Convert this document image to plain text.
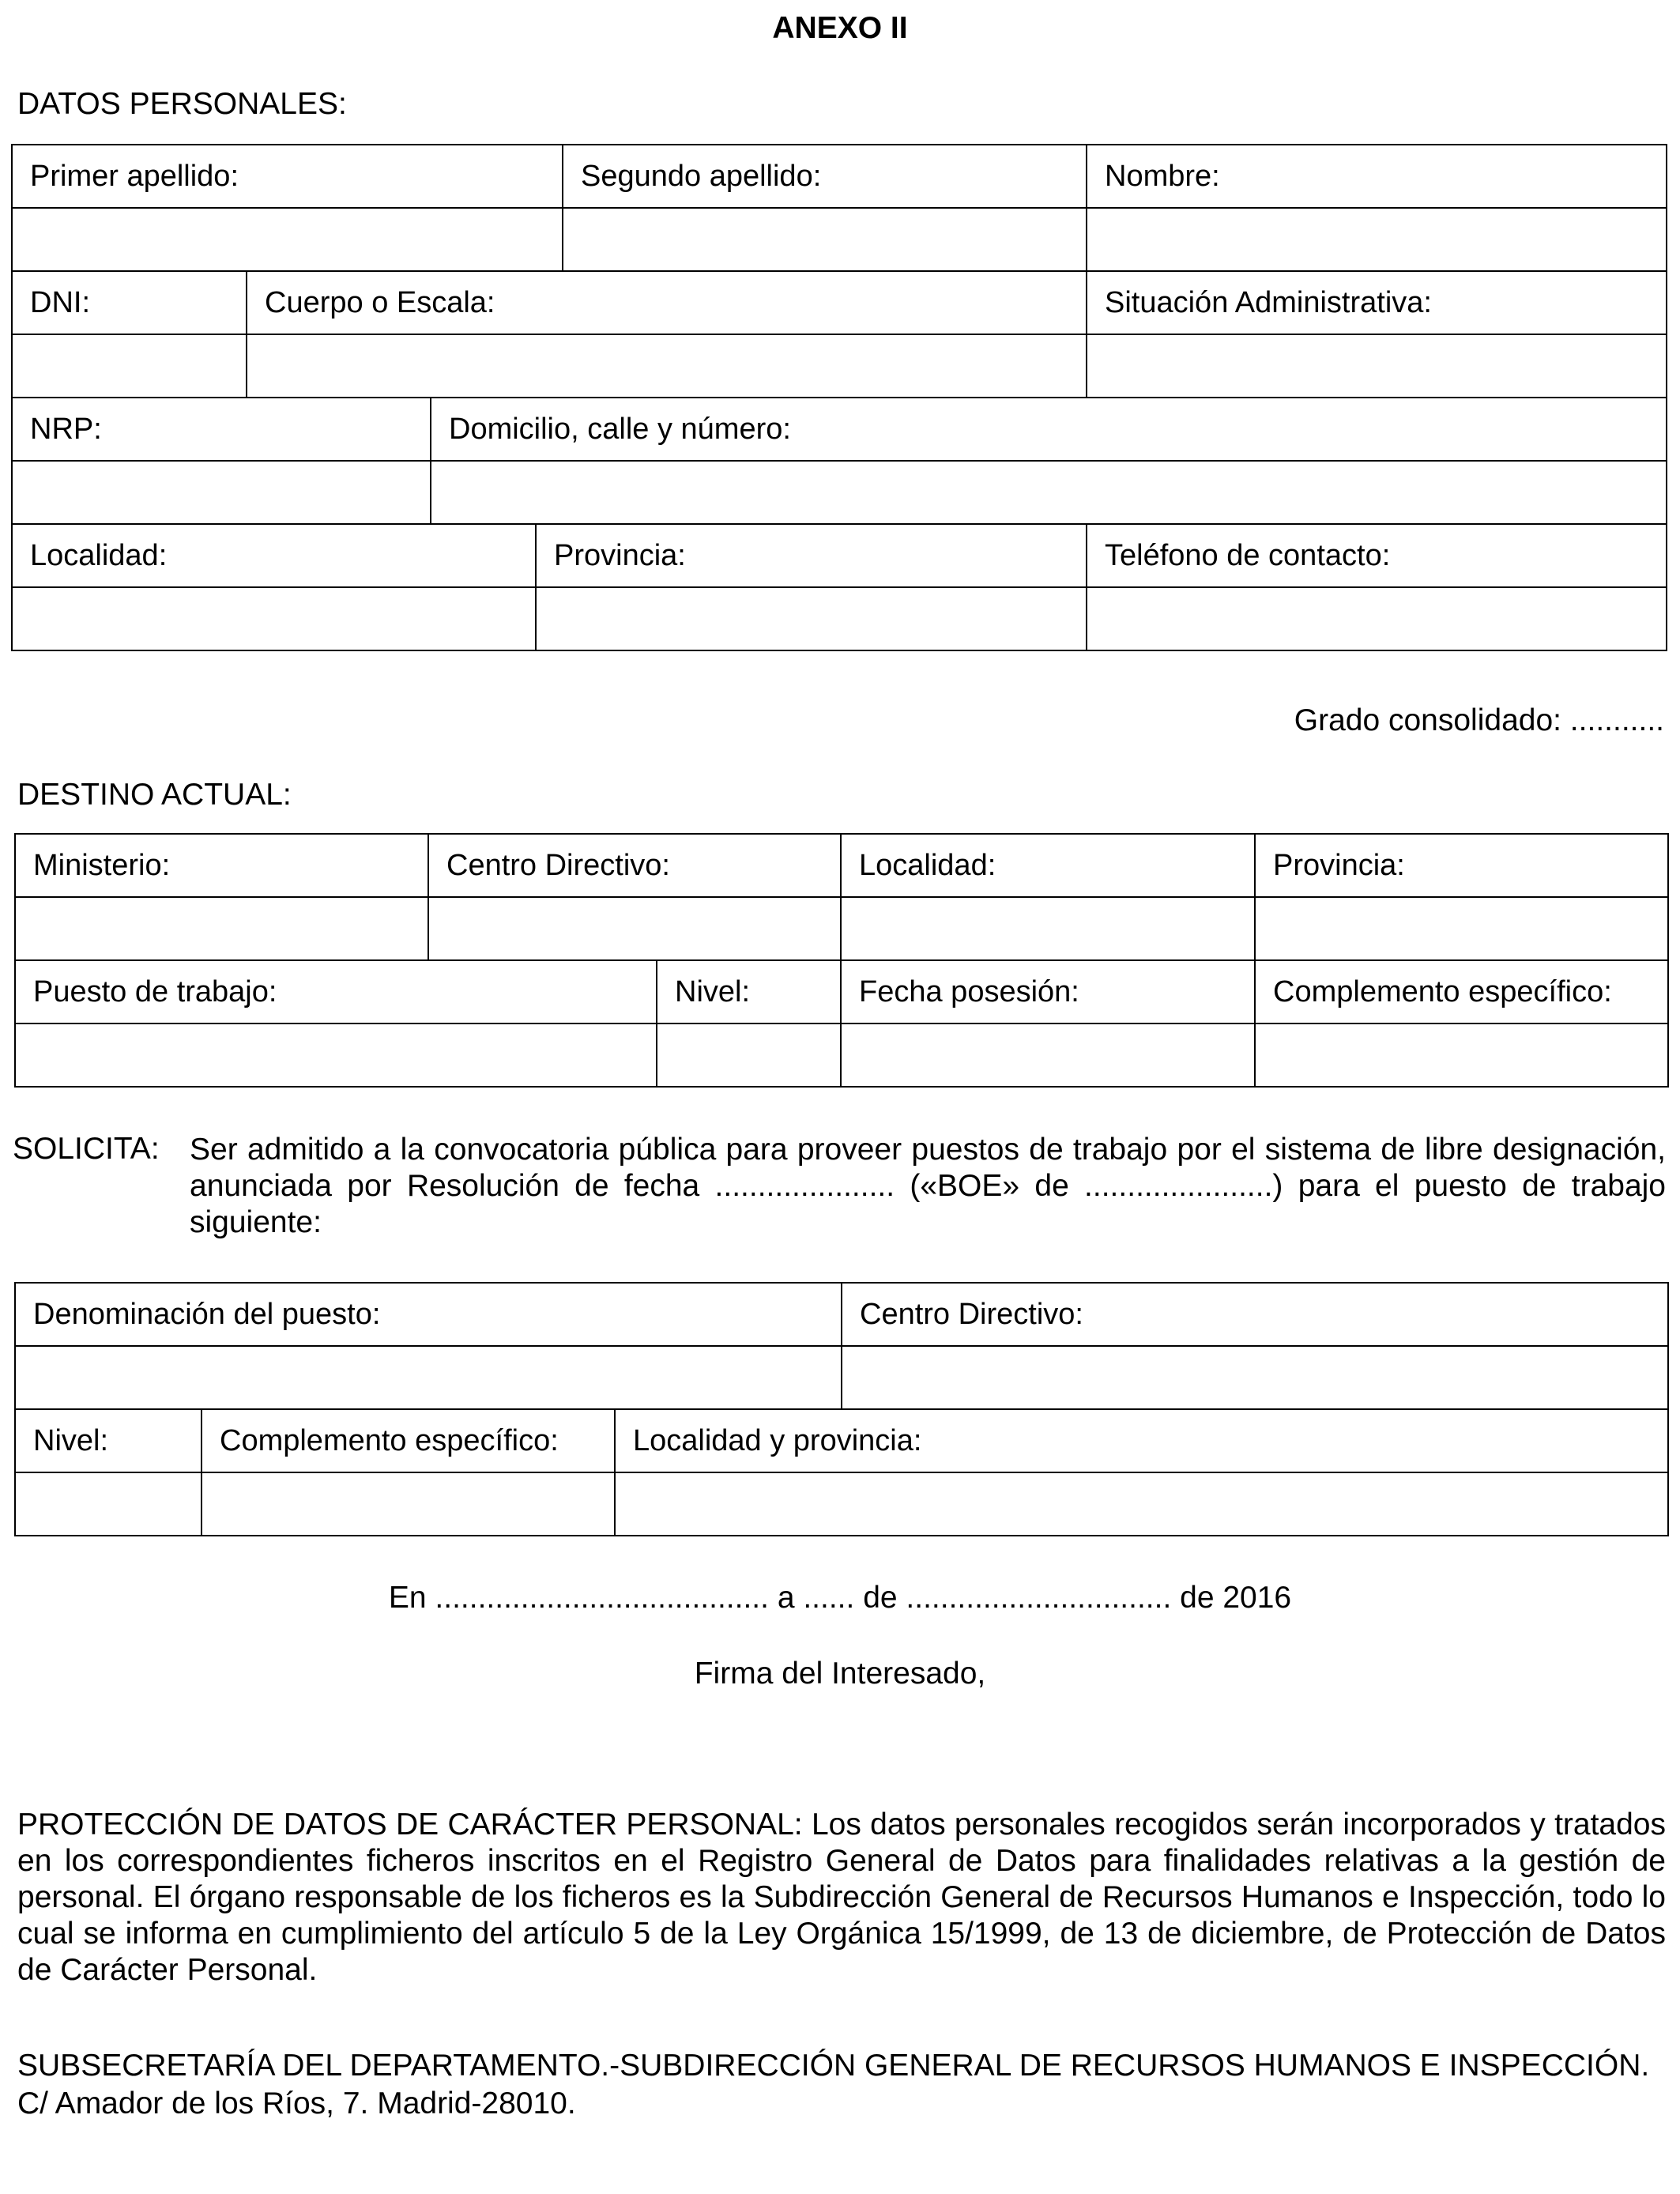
ANEXO II
DATOS PERSONALES:
Primer apellido:				Segundo apellido:	Nombre:

DNI:	Cuerpo o Escala:				Situación Administrativa:

NRP:		Domicilio, calle y número:			

Localidad:			Provincia:		Teléfono de contacto:

Grado consolidado: ...........
DESTINO ACTUAL:
Ministerio:	Centro Directivo:		Localidad:	Provincia:

Puesto de trabajo:		Nivel:	Fecha posesión:	Complemento específico:

SOLICITA: Ser admitido a la convocatoria pública para proveer puestos de trabajo por el sistema de libre designación, anunciada por Resolución de fecha ..................... («BOE» de ......................) para el puesto de trabajo siguiente:
Denominación del puesto:			Centro Directivo:

Nivel:	Complemento específico:	Localidad y provincia:	

En ....................................... a ...... de ............................... de 2016
Firma del Interesado,
PROTECCIÓN DE DATOS DE CARÁCTER PERSONAL: Los datos personales recogidos serán incorporados y tratados en los correspondientes ficheros inscritos en el Registro General de Datos para finalidades relativas a la gestión de personal. El órgano responsable de los ficheros es la Subdirección General de Recursos Humanos e Inspección, todo lo cual se informa en cumplimiento del artículo 5 de la Ley Orgánica 15/1999, de 13 de diciembre, de Protección de Datos de Carácter Personal.
SUBSECRETARÍA DEL DEPARTAMENTO.-SUBDIRECCIÓN GENERAL DE RECURSOS HUMANOS E INSPECCIÓN.
C/ Amador de los Ríos, 7. Madrid-28010.
